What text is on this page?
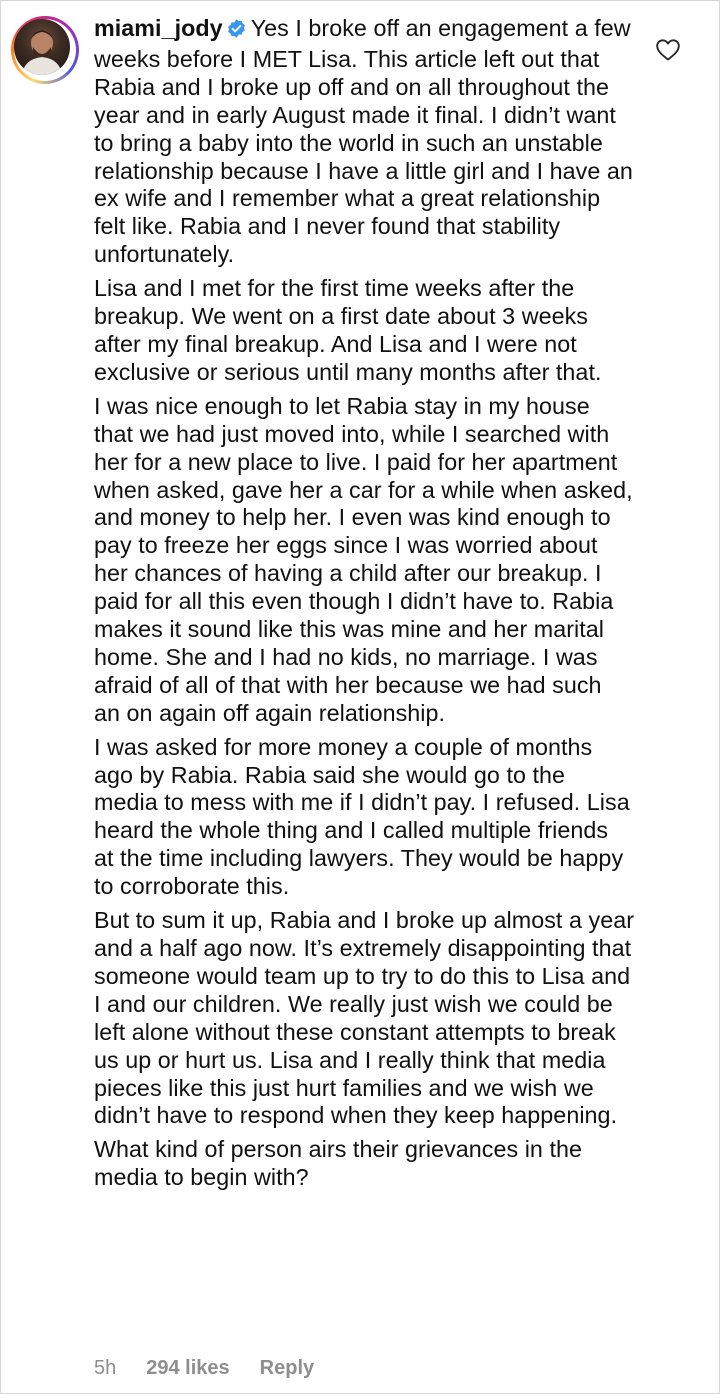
miami_jody Yes I broke off an engagement a few weeks before I MET Lisa. This article left out that Rabia and I broke up off and on all throughout the year and in early August made it final. I didn’t want to bring a baby into the world in such an unstable relationship because I have a little girl and I have an ex wife and I remember what a great relationship felt like. Rabia and I never found that stability unfortunately.

Lisa and I met for the first time weeks after the breakup. We went on a first date about 3 weeks after my final breakup. And Lisa and I were not exclusive or serious until many months after that.

I was nice enough to let Rabia stay in my house that we had just moved into, while I searched with her for a new place to live. I paid for her apartment when asked, gave her a car for a while when asked, and money to help her. I even was kind enough to pay to freeze her eggs since I was worried about her chances of having a child after our breakup. I paid for all this even though I didn’t have to. Rabia makes it sound like this was mine and her marital home. She and I had no kids, no marriage. I was afraid of all of that with her because we had such an on again off again relationship.

I was asked for more money a couple of months ago by Rabia. Rabia said she would go to the media to mess with me if I didn’t pay. I refused. Lisa heard the whole thing and I called multiple friends at the time including lawyers. They would be happy to corroborate this.

But to sum it up, Rabia and I broke up almost a year and a half ago now. It’s extremely disappointing that someone would team up to try to do this to Lisa and I and our children. We really just wish we could be left alone without these constant attempts to break us up or hurt us. Lisa and I really think that media pieces like this just hurt families and we wish we didn’t have to respond when they keep happening.

What kind of person airs their grievances in the media to begin with?

5h 294 likes Reply
